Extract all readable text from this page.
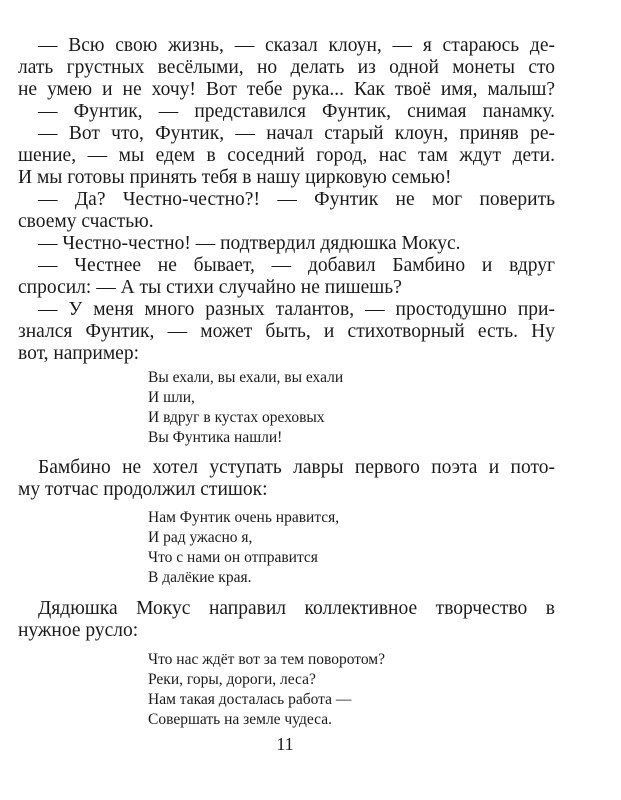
— Всю свою жизнь, — сказал клоун, — я стараюсь де-
лать грустных весёлыми, но делать из одной монеты сто
не умею и не хочу! Вот тебе рука... Как твоё имя, малыш?
— Фунтик, — представился Фунтик, снимая панамку.
— Вот что, Фунтик, — начал старый клоун, приняв ре-
шение, — мы едем в соседний город, нас там ждут дети.
И мы готовы принять тебя в нашу цирковую семью!
— Да? Честно-честно?! — Фунтик не мог поверить
своему счастью.
— Честно-честно! — подтвердил дядюшка Мокус.
— Честнее не бывает, — добавил Бамбино и вдруг
спросил: — А ты стихи случайно не пишешь?
— У меня много разных талантов, — простодушно при-
знался Фунтик, — может быть, и стихотворный есть. Ну
вот, например:
Вы ехали, вы ехали, вы ехали
И шли,
И вдруг в кустах ореховых
Вы Фунтика нашли!
Бамбино не хотел уступать лавры первого поэта и пото-
му тотчас продолжил стишок:
Нам Фунтик очень нравится,
И рад ужасно я,
Что с нами он отправится
В далёкие края.
Дядюшка Мокус направил коллективное творчество в
нужное русло:
Что нас ждёт вот за тем поворотом?
Реки, горы, дороги, леса?
Нам такая досталась работа —
Совершать на земле чудеса.
11
